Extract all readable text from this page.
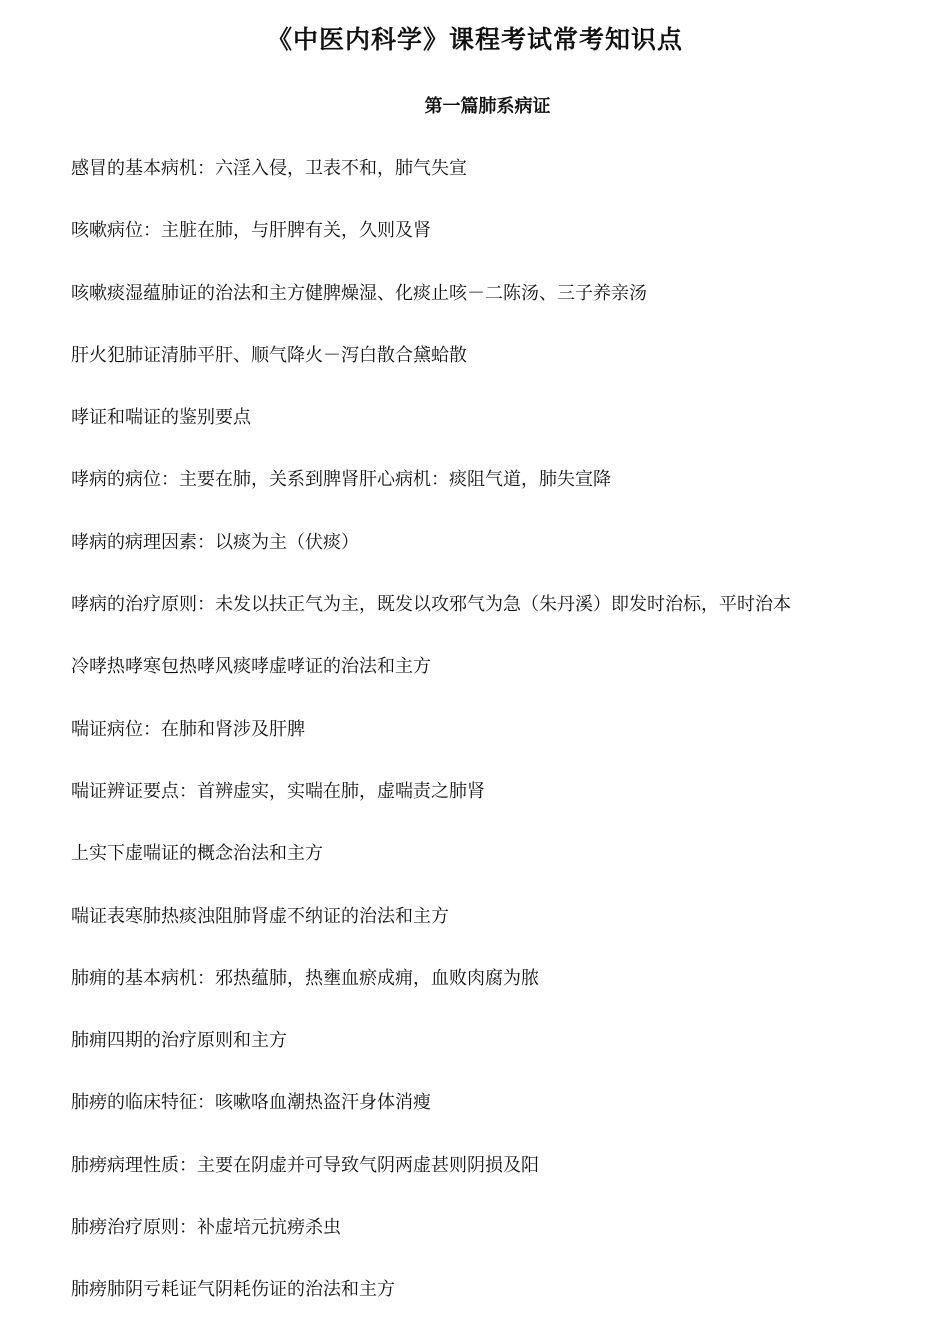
《中医内科学》课程考试常考知识点
第一篇肺系病证
感冒的基本病机：六淫入侵，卫表不和，肺气失宣
咳嗽病位：主脏在肺，与肝脾有关，久则及肾
咳嗽痰湿蕴肺证的治法和主方健脾燥湿、化痰止咳－二陈汤、三子养亲汤
肝火犯肺证清肺平肝、顺气降火－泻白散合黛蛤散
哮证和喘证的鉴别要点
哮病的病位：主要在肺，关系到脾肾肝心病机：痰阻气道，肺失宣降
哮病的病理因素：以痰为主（伏痰）
哮病的治疗原则：未发以扶正气为主，既发以攻邪气为急（朱丹溪）即发时治标，平时治本
冷哮热哮寒包热哮风痰哮虚哮证的治法和主方
喘证病位：在肺和肾涉及肝脾
喘证辨证要点：首辨虚实，实喘在肺，虚喘责之肺肾
上实下虚喘证的概念治法和主方
喘证表寒肺热痰浊阻肺肾虚不纳证的治法和主方
肺痈的基本病机：邪热蕴肺，热壅血瘀成痈，血败肉腐为脓
肺痈四期的治疗原则和主方
肺痨的临床特征：咳嗽咯血潮热盗汗身体消瘦
肺痨病理性质：主要在阴虚并可导致气阴两虚甚则阴损及阳
肺痨治疗原则：补虚培元抗痨杀虫
肺痨肺阴亏耗证气阴耗伤证的治法和主方
